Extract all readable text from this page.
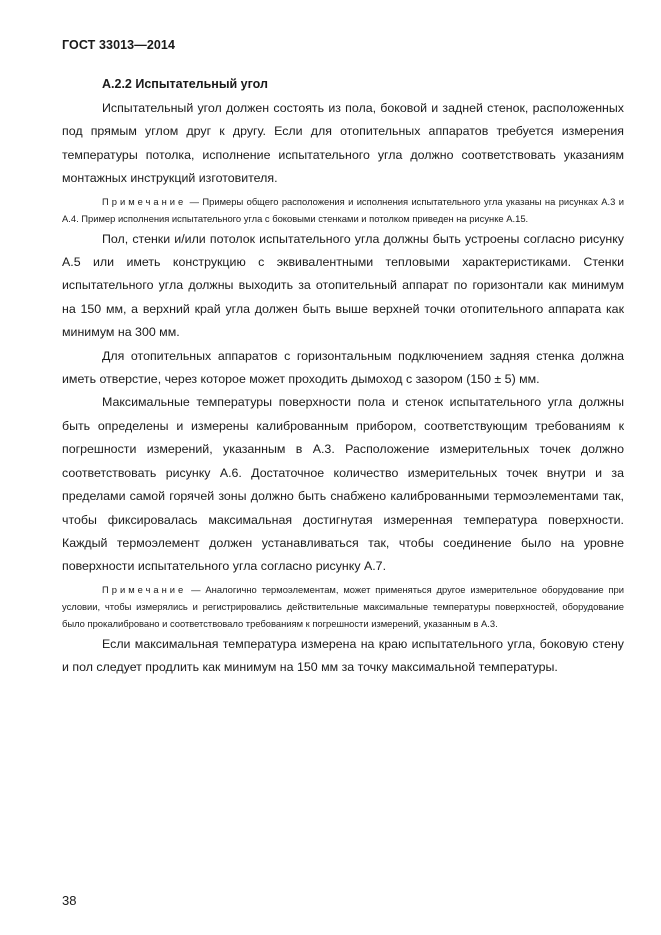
ГОСТ 33013—2014
А.2.2 Испытательный угол

Испытательный угол должен состоять из пола, боковой и задней стенок, расположенных под прямым углом друг к другу. Если для отопительных аппаратов требуется измерения температуры потолка, исполнение испытательного угла должно соответствовать указаниям монтажных инструкций изготовителя.

Примечание — Примеры общего расположения и исполнения испытательного угла указаны на рисунках А.3 и А.4. Пример исполнения испытательного угла с боковыми стенками и потолком приведен на рисунке А.15.

Пол, стенки и/или потолок испытательного угла должны быть устроены согласно рисунку А.5 или иметь конструкцию с эквивалентными тепловыми характеристиками. Стенки испытательного угла должны выходить за отопительный аппарат по горизонтали как минимум на 150 мм, а верхний край угла должен быть выше верхней точки отопительного аппарата как минимум на 300 мм.

Для отопительных аппаратов с горизонтальным подключением задняя стенка должна иметь отверстие, через которое может проходить дымоход с зазором (150 ± 5) мм.

Максимальные температуры поверхности пола и стенок испытательного угла должны быть определены и измерены калиброванным прибором, соответствующим требованиям к погрешности измерений, указанным в А.3. Расположение измерительных точек должно соответствовать рисунку А.6. Достаточное количество измерительных точек внутри и за пределами самой горячей зоны должно быть снабжено калиброванными термоэлементами так, чтобы фиксировалась максимальная достигнутая измеренная температура поверхности. Каждый термоэлемент должен устанавливаться так, чтобы соединение было на уровне поверхности испытательного угла согласно рисунку А.7.

Примечание — Аналогично термоэлементам, может применяться другое измерительное оборудование при условии, чтобы измерялись и регистрировались действительные максимальные температуры поверхностей, оборудование было прокалибровано и соответствовало требованиям к погрешности измерений, указанным в А.3.

Если максимальная температура измерена на краю испытательного угла, боковую стену и пол следует продлить как минимум на 150 мм за точку максимальной температуры.

38
